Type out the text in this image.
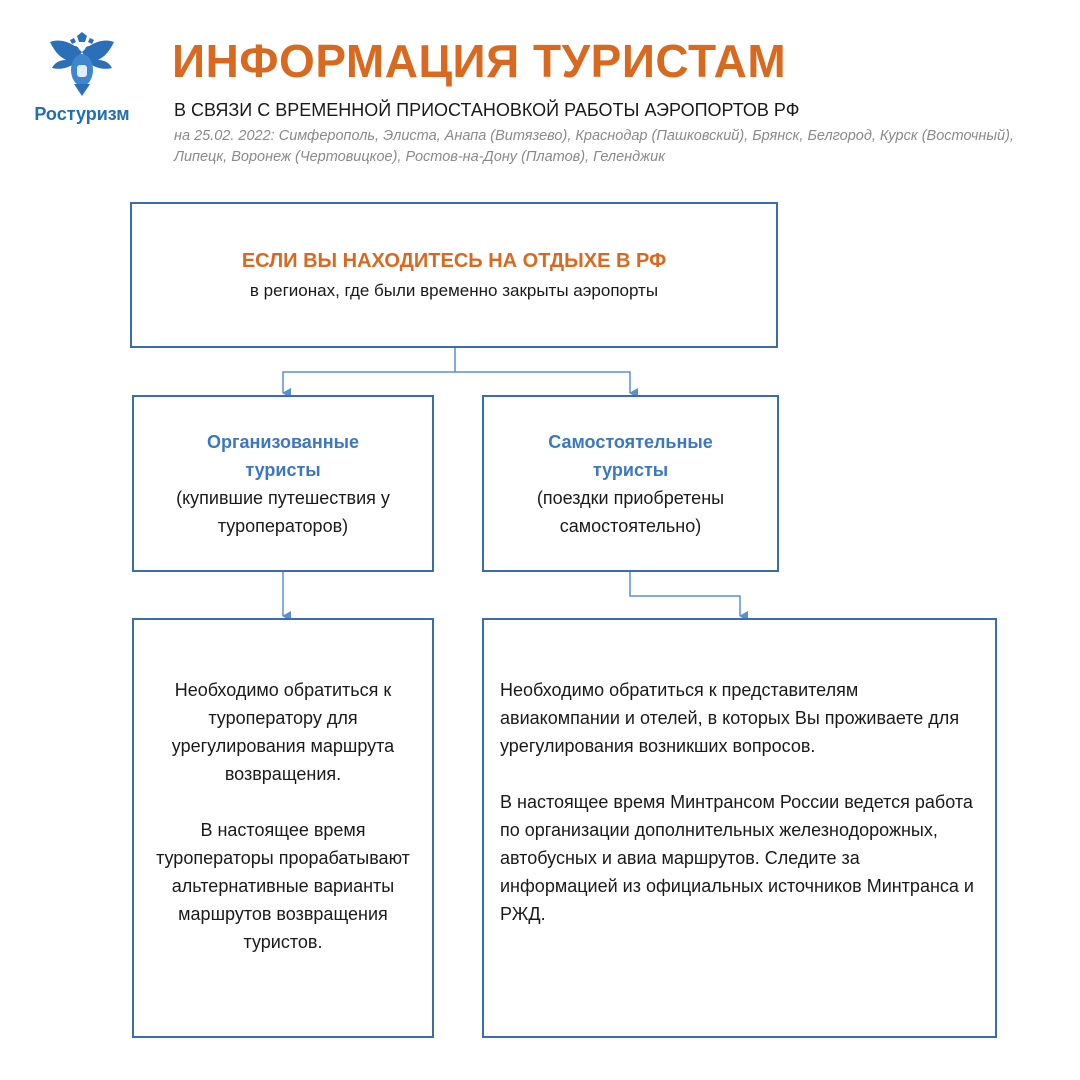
Ростуризм
ИНФОРМАЦИЯ ТУРИСТАМ
В СВЯЗИ С ВРЕМЕННОЙ ПРИОСТАНОВКОЙ РАБОТЫ АЭРОПОРТОВ РФ
на 25.02. 2022: Симферополь, Элиста, Анапа (Витязево), Краснодар (Пашковский), Брянск, Белгород, Курск (Восточный), Липецк, Воронеж (Чертовицкое), Ростов-на-Дону (Платов), Геленджик
ЕСЛИ ВЫ НАХОДИТЕСЬ НА ОТДЫХЕ В РФ
в регионах, где были временно закрыты аэропорты
Организованные
туристы
(купившие путешествия у
туроператоров)
Самостоятельные
туристы
(поездки приобретены
самостоятельно)
Необходимо обратиться к туроператору для урегулирования маршрута возвращения.
В настоящее время туроператоры прорабатывают альтернативные варианты маршрутов возвращения туристов.
Необходимо обратиться к представителям авиакомпании и отелей, в которых Вы проживаете для урегулирования возникших вопросов.
В настоящее время Минтрансом России ведется работа по организации дополнительных железнодорожных, автобусных и авиа маршрутов. Следите за информацией из официальных источников Минтранса и РЖД.
